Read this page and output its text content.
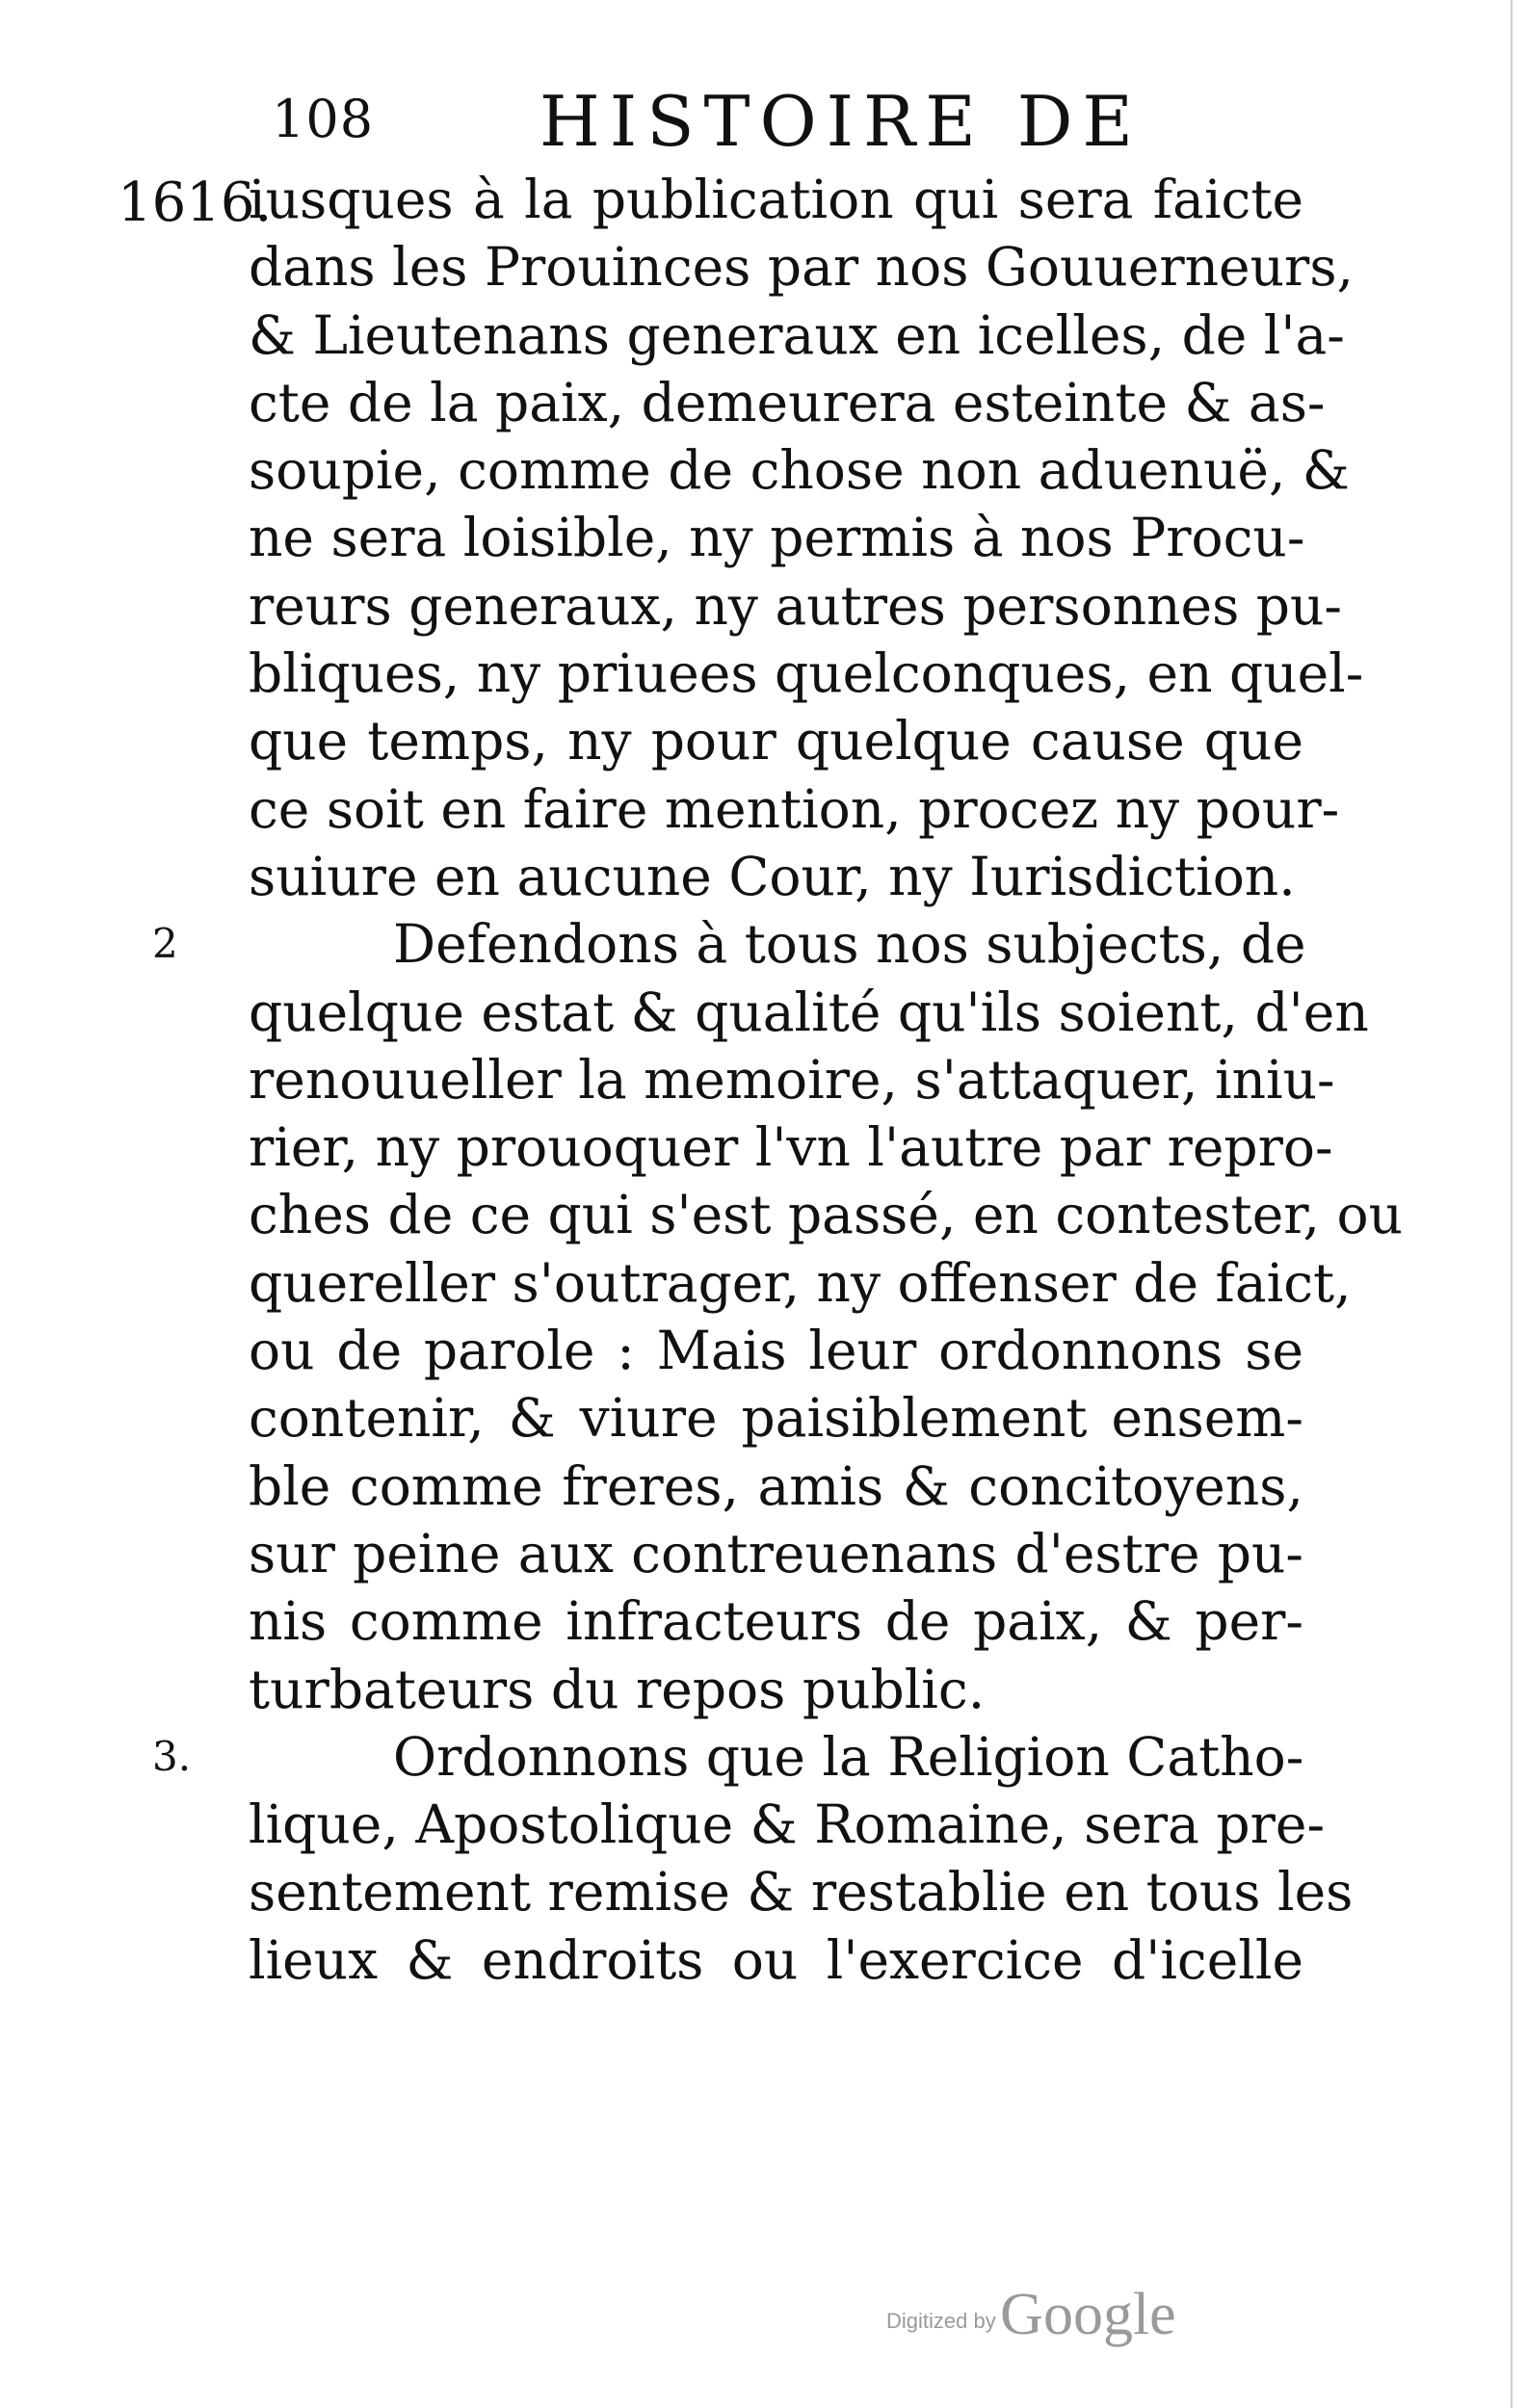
108 HISTOIRE DE
1616.
iusques à la publication qui sera faicte
dans les Prouinces par nos Gouuerneurs,
& Lieutenans generaux en icelles, de l'a-
cte de la paix, demeurera esteinte & as-
soupie, comme de chose non aduenuë, &
ne sera loisible, ny permis à nos Procu-
reurs generaux, ny autres personnes pu-
bliques, ny priuees quelconques, en quel-
que temps, ny pour quelque cause que
ce soit en faire mention, procez ny pour-
suiure en aucune Cour, ny Iurisdiction.
2	Defendons à tous nos subjects, de
quelque estat & qualité qu'ils soient, d'en
renouueller la memoire, s'attaquer, iniu-
rier, ny prouoquer l'vn l'autre par repro-
ches de ce qui s'est passé, en contester, ou
quereller s'outrager, ny offenser de faict,
ou de parole : Mais leur ordonnons se
contenir, & viure paisiblement ensem-
ble comme freres, amis & concitoyens,
sur peine aux contreuenans d'estre pu-
nis comme infracteurs de paix, & per-
turbateurs du repos public.
3.	Ordonnons que la Religion Catho-
lique, Apostolique & Romaine, sera pre-
sentement remise & restablie en tous les
lieux & endroits ou l'exercice d'icelle
Digitized by Google
